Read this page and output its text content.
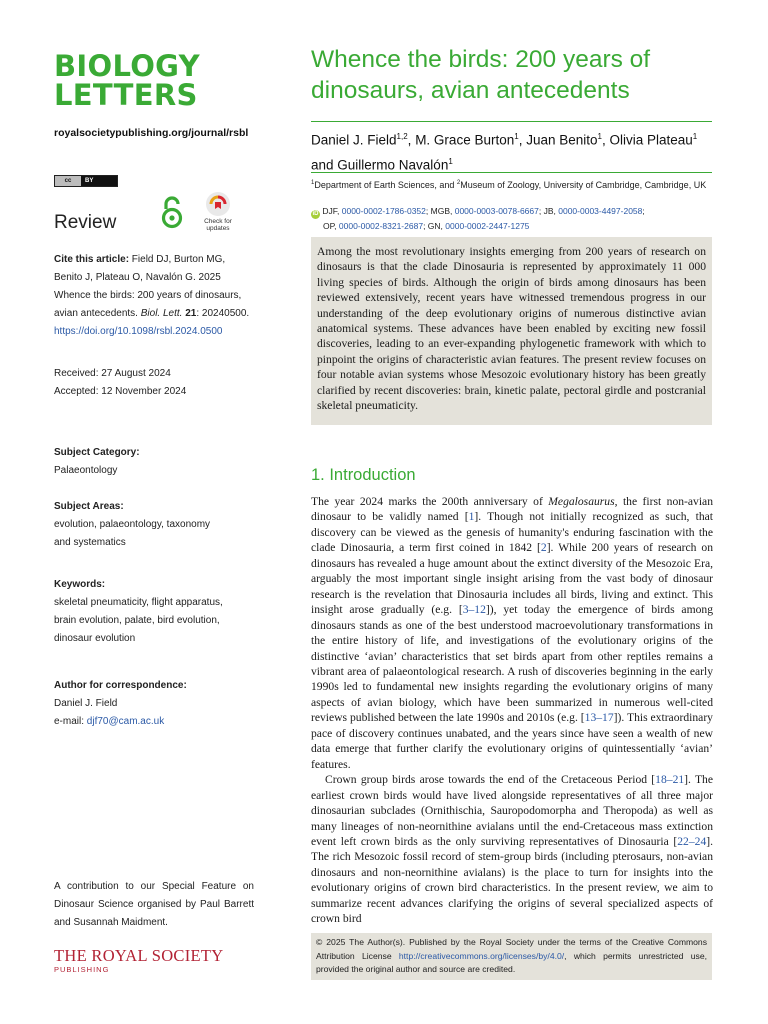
BIOLOGY
LETTERS
royalsocietypublishing.org/journal/rsbl
cc	BY
Review	Check for
updates
Cite this article: Field DJ, Burton MG, Benito J, Plateau O, Navalón G. 2025 Whence the birds: 200 years of dinosaurs, avian antecedents. Biol. Lett. 21: 20240500.
https://doi.org/10.1098/rsbl.2024.0500
Received: 27 August 2024
Accepted: 12 November 2024
Subject Category:
Palaeontology
Subject Areas:
evolution, palaeontology, taxonomy and systematics
Keywords:
skeletal pneumaticity, flight apparatus, brain evolution, palate, bird evolution, dinosaur evolution
Author for correspondence:
Daniel J. Field
e-mail: djf70@cam.ac.uk
A contribution to our Special Feature on Dinosaur Science organised by Paul Barrett and Susannah Maidment.
THE ROYAL SOCIETY
PUBLISHING
Whence the birds: 200 years of dinosaurs, avian antecedents
Daniel J. Field$^{1,2}$, M. Grace Burton$^1$, Juan Benito$^1$, Olivia Plateau$^1$ and Guillermo Navalón$^1$
$^1$Department of Earth Sciences, and $^2$Museum of Zoology, University of Cambridge, Cambridge, UK
iD DJF, 0000-0002-1786-0352; MGB, 0000-0003-0078-6667; JB, 0000-0003-4497-2058;
OP, 0000-0002-8321-2687; GN, 0000-0002-2447-1275
Among the most revolutionary insights emerging from 200 years of research on dinosaurs is that the clade Dinosauria is represented by approximately 11 000 living species of birds. Although the origin of birds among dinosaurs has been reviewed extensively, recent years have witnessed tremendous progress in our understanding of the deep evolutionary origins of numerous distinctive avian anatomical systems. These advances have been enabled by exciting new fossil discoveries, leading to an ever-expanding phylogenetic framework with which to pinpoint the origins of characteristic avian features. The present review focuses on four notable avian systems whose Mesozoic evolutionary history has been greatly clarified by recent discoveries: brain, kinetic palate, pectoral girdle and postcranial skeletal pneumaticity.
1. Introduction

The year 2024 marks the 200th anniversary of Megalosaurus, the first non-avian dinosaur to be validly named [1]. Though not initially recognized as such, that discovery can be viewed as the genesis of humanity's enduring fascination with the clade Dinosauria, a term first coined in 1842 [2]. While 200 years of research on dinosaurs has revealed a huge amount about the extinct diversity of the Mesozoic Era, arguably the most important single insight arising from the vast body of dinosaur research is the revelation that Dinosauria includes all birds, living and extinct. This insight arose gradually (e.g. [3–12]), yet today the emergence of birds among dinosaurs stands as one of the best understood macroevolutionary transformations in the entire history of life, and investigations of the evolutionary origins of the distinctive ‘avian’ characteristics that set birds apart from other reptiles remains a vibrant area of palaeontological research. A rush of discoveries beginning in the early 1990s led to fundamental new insights regarding the evolutionary origins of many aspects of avian biology, which have been summarized in numerous well-cited reviews published between the late 1990s and 2010s (e.g. [13–17]). This extraordinary pace of discovery continues unabated, and the years since have seen a wealth of new data emerge that further clarify the evolutionary origins of quintessentially ‘avian’ features.

Crown group birds arose towards the end of the Cretaceous Period [18–21]. The earliest crown birds would have lived alongside representatives of all three major dinosaurian subclades (Ornithischia, Sauropodomorpha and Theropoda) as well as many lineages of non-neornithine avialans until the end-Cretaceous mass extinction event left crown birds as the only surviving representatives of Dinosauria [22–24]. The rich Mesozoic fossil record of stem-group birds (including pterosaurs, non-avian dinosaurs and non-neornithine avialans) is the place to turn for insights into the evolutionary origins of crown bird characteristics. In the present review, we aim to summarize recent advances clarifying the origins of several specialized aspects of crown bird

© 2025 The Author(s). Published by the Royal Society under the terms of the Creative Commons Attribution License http://creativecommons.org/licenses/by/4.0/, which permits unrestricted use, provided the original author and source are credited.
